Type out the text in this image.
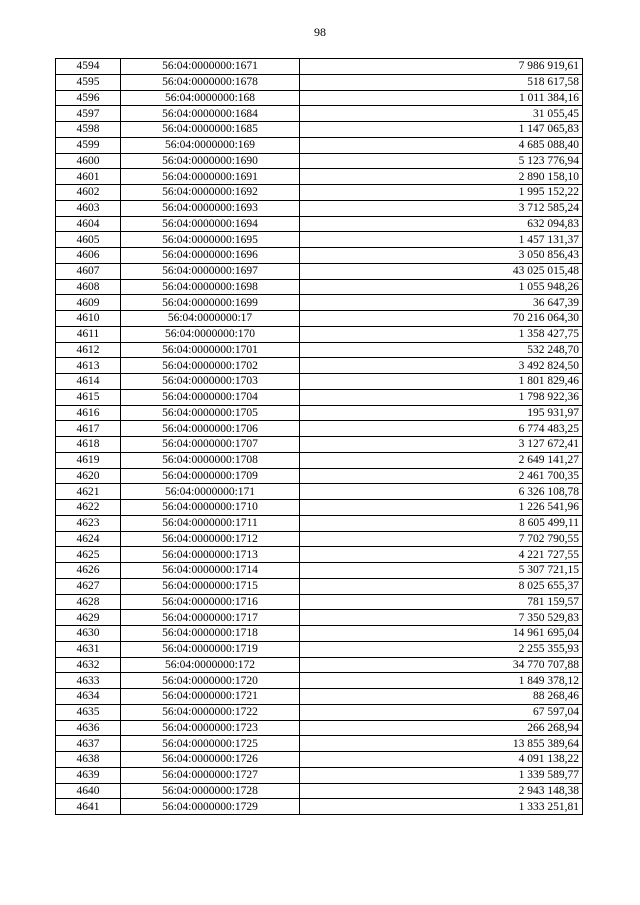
98
4594	56:04:0000000:1671	7 986 919,61
4595	56:04:0000000:1678	518 617,58
4596	56:04:0000000:168	1 011 384,16
4597	56:04:0000000:1684	31 055,45
4598	56:04:0000000:1685	1 147 065,83
4599	56:04:0000000:169	4 685 088,40
4600	56:04:0000000:1690	5 123 776,94
4601	56:04:0000000:1691	2 890 158,10
4602	56:04:0000000:1692	1 995 152,22
4603	56:04:0000000:1693	3 712 585,24
4604	56:04:0000000:1694	632 094,83
4605	56:04:0000000:1695	1 457 131,37
4606	56:04:0000000:1696	3 050 856,43
4607	56:04:0000000:1697	43 025 015,48
4608	56:04:0000000:1698	1 055 948,26
4609	56:04:0000000:1699	36 647,39
4610	56:04:0000000:17	70 216 064,30
4611	56:04:0000000:170	1 358 427,75
4612	56:04:0000000:1701	532 248,70
4613	56:04:0000000:1702	3 492 824,50
4614	56:04:0000000:1703	1 801 829,46
4615	56:04:0000000:1704	1 798 922,36
4616	56:04:0000000:1705	195 931,97
4617	56:04:0000000:1706	6 774 483,25
4618	56:04:0000000:1707	3 127 672,41
4619	56:04:0000000:1708	2 649 141,27
4620	56:04:0000000:1709	2 461 700,35
4621	56:04:0000000:171	6 326 108,78
4622	56:04:0000000:1710	1 226 541,96
4623	56:04:0000000:1711	8 605 499,11
4624	56:04:0000000:1712	7 702 790,55
4625	56:04:0000000:1713	4 221 727,55
4626	56:04:0000000:1714	5 307 721,15
4627	56:04:0000000:1715	8 025 655,37
4628	56:04:0000000:1716	781 159,57
4629	56:04:0000000:1717	7 350 529,83
4630	56:04:0000000:1718	14 961 695,04
4631	56:04:0000000:1719	2 255 355,93
4632	56:04:0000000:172	34 770 707,88
4633	56:04:0000000:1720	1 849 378,12
4634	56:04:0000000:1721	88 268,46
4635	56:04:0000000:1722	67 597,04
4636	56:04:0000000:1723	266 268,94
4637	56:04:0000000:1725	13 855 389,64
4638	56:04:0000000:1726	4 091 138,22
4639	56:04:0000000:1727	1 339 589,77
4640	56:04:0000000:1728	2 943 148,38
4641	56:04:0000000:1729	1 333 251,81
